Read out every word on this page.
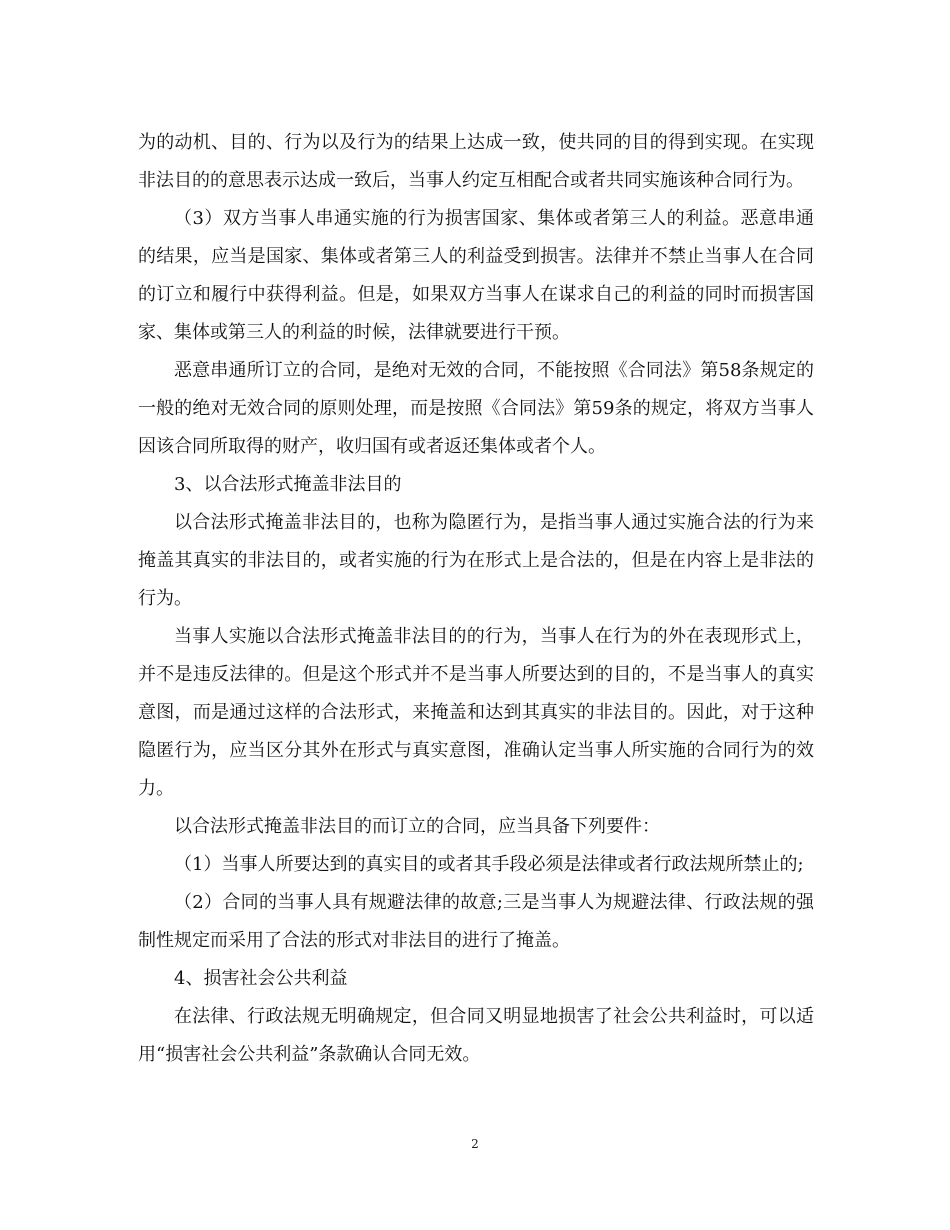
为的动机、目的、行为以及行为的结果上达成一致，使共同的目的得到实现。在实现非法目的的意思表示达成一致后，当事人约定互相配合或者共同实施该种合同行为。

（3）双方当事人串通实施的行为损害国家、集体或者第三人的利益。恶意串通的结果，应当是国家、集体或者第三人的利益受到损害。法律并不禁止当事人在合同的订立和履行中获得利益。但是，如果双方当事人在谋求自己的利益的同时而损害国家、集体或第三人的利益的时候，法律就要进行干预。

恶意串通所订立的合同，是绝对无效的合同，不能按照《合同法》第58条规定的一般的绝对无效合同的原则处理，而是按照《合同法》第59条的规定，将双方当事人因该合同所取得的财产，收归国有或者返还集体或者个人。

3、以合法形式掩盖非法目的

以合法形式掩盖非法目的，也称为隐匿行为，是指当事人通过实施合法的行为来掩盖其真实的非法目的，或者实施的行为在形式上是合法的，但是在内容上是非法的行为。

当事人实施以合法形式掩盖非法目的的行为，当事人在行为的外在表现形式上，并不是违反法律的。但是这个形式并不是当事人所要达到的目的，不是当事人的真实意图，而是通过这样的合法形式，来掩盖和达到其真实的非法目的。因此，对于这种隐匿行为，应当区分其外在形式与真实意图，准确认定当事人所实施的合同行为的效力。

以合法形式掩盖非法目的而订立的合同，应当具备下列要件：

（1）当事人所要达到的真实目的或者其手段必须是法律或者行政法规所禁止的;

（2）合同的当事人具有规避法律的故意;三是当事人为规避法律、行政法规的强制性规定而采用了合法的形式对非法目的进行了掩盖。

4、损害社会公共利益

在法律、行政法规无明确规定，但合同又明显地损害了社会公共利益时，可以适用“损害社会公共利益”条款确认合同无效。

2
